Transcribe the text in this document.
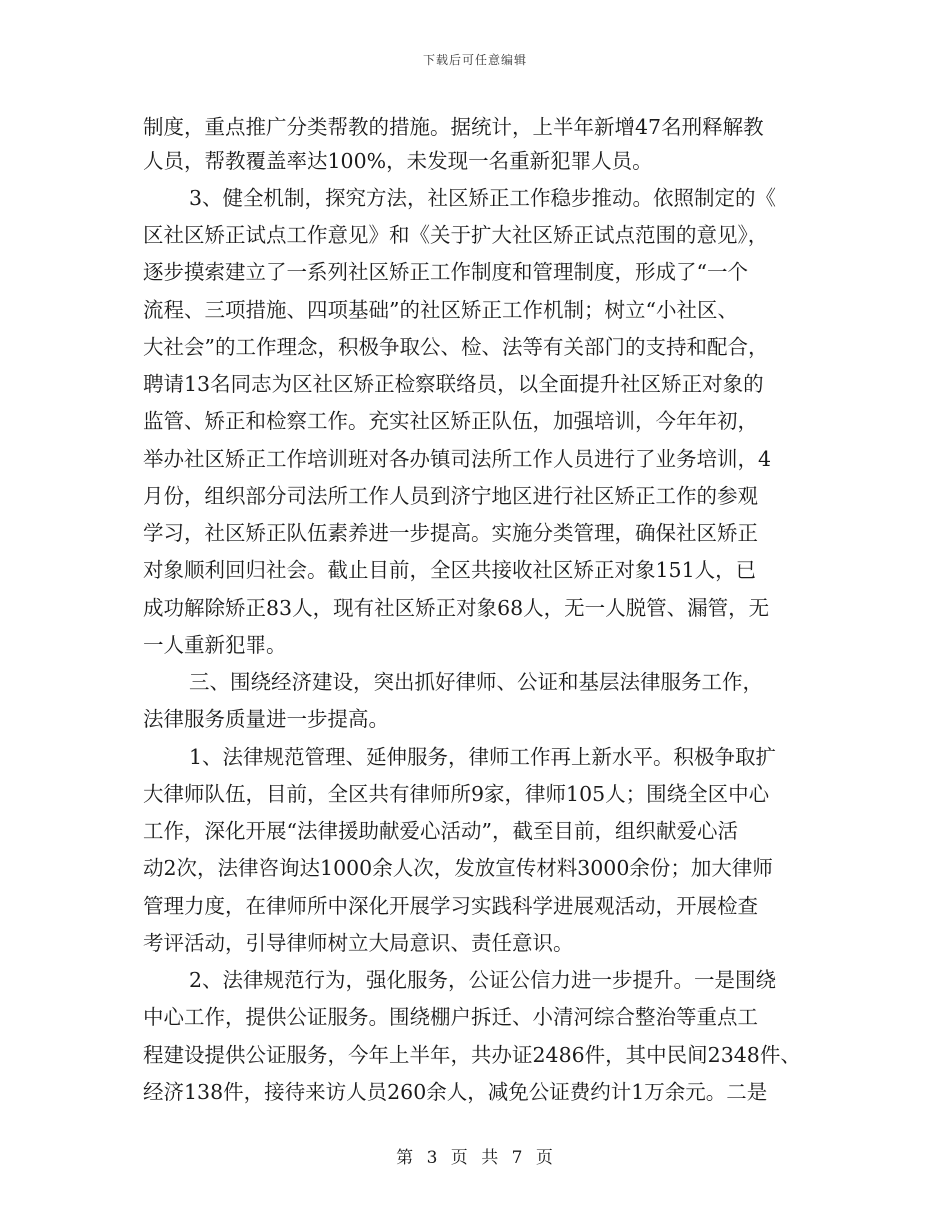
下载后可任意编辑
制度，重点推广分类帮教的措施。据统计，上半年新增47名刑释解教
人员，帮教覆盖率达100%，未发现一名重新犯罪人员。
3、健全机制，探究方法，社区矫正工作稳步推动。依照制定的《
区社区矫正试点工作意见》和《关于扩大社区矫正试点范围的意见》，
逐步摸索建立了一系列社区矫正工作制度和管理制度，形成了“一个
流程、三项措施、四项基础”的社区矫正工作机制；树立“小社区、
大社会”的工作理念，积极争取公、检、法等有关部门的支持和配合，
聘请13名同志为区社区矫正检察联络员，以全面提升社区矫正对象的
监管、矫正和检察工作。充实社区矫正队伍，加强培训，今年年初，
举办社区矫正工作培训班对各办镇司法所工作人员进行了业务培训，4
月份，组织部分司法所工作人员到济宁地区进行社区矫正工作的参观
学习，社区矫正队伍素养进一步提高。实施分类管理，确保社区矫正
对象顺利回归社会。截止目前，全区共接收社区矫正对象151人，已
成功解除矫正83人，现有社区矫正对象68人，无一人脱管、漏管，无
一人重新犯罪。
三、围绕经济建设，突出抓好律师、公证和基层法律服务工作，
法律服务质量进一步提高。
1、法律规范管理、延伸服务，律师工作再上新水平。积极争取扩
大律师队伍，目前，全区共有律师所9家，律师105人；围绕全区中心
工作，深化开展“法律援助献爱心活动”，截至目前，组织献爱心活
动2次，法律咨询达1000余人次，发放宣传材料3000余份；加大律师
管理力度，在律师所中深化开展学习实践科学进展观活动，开展检查
考评活动，引导律师树立大局意识、责任意识。
2、法律规范行为，强化服务，公证公信力进一步提升。一是围绕
中心工作，提供公证服务。围绕棚户拆迁、小清河综合整治等重点工
程建设提供公证服务，今年上半年，共办证2486件，其中民间2348件、
经济138件，接待来访人员260余人，减免公证费约计1万余元。二是
第 3 页 共 7 页
